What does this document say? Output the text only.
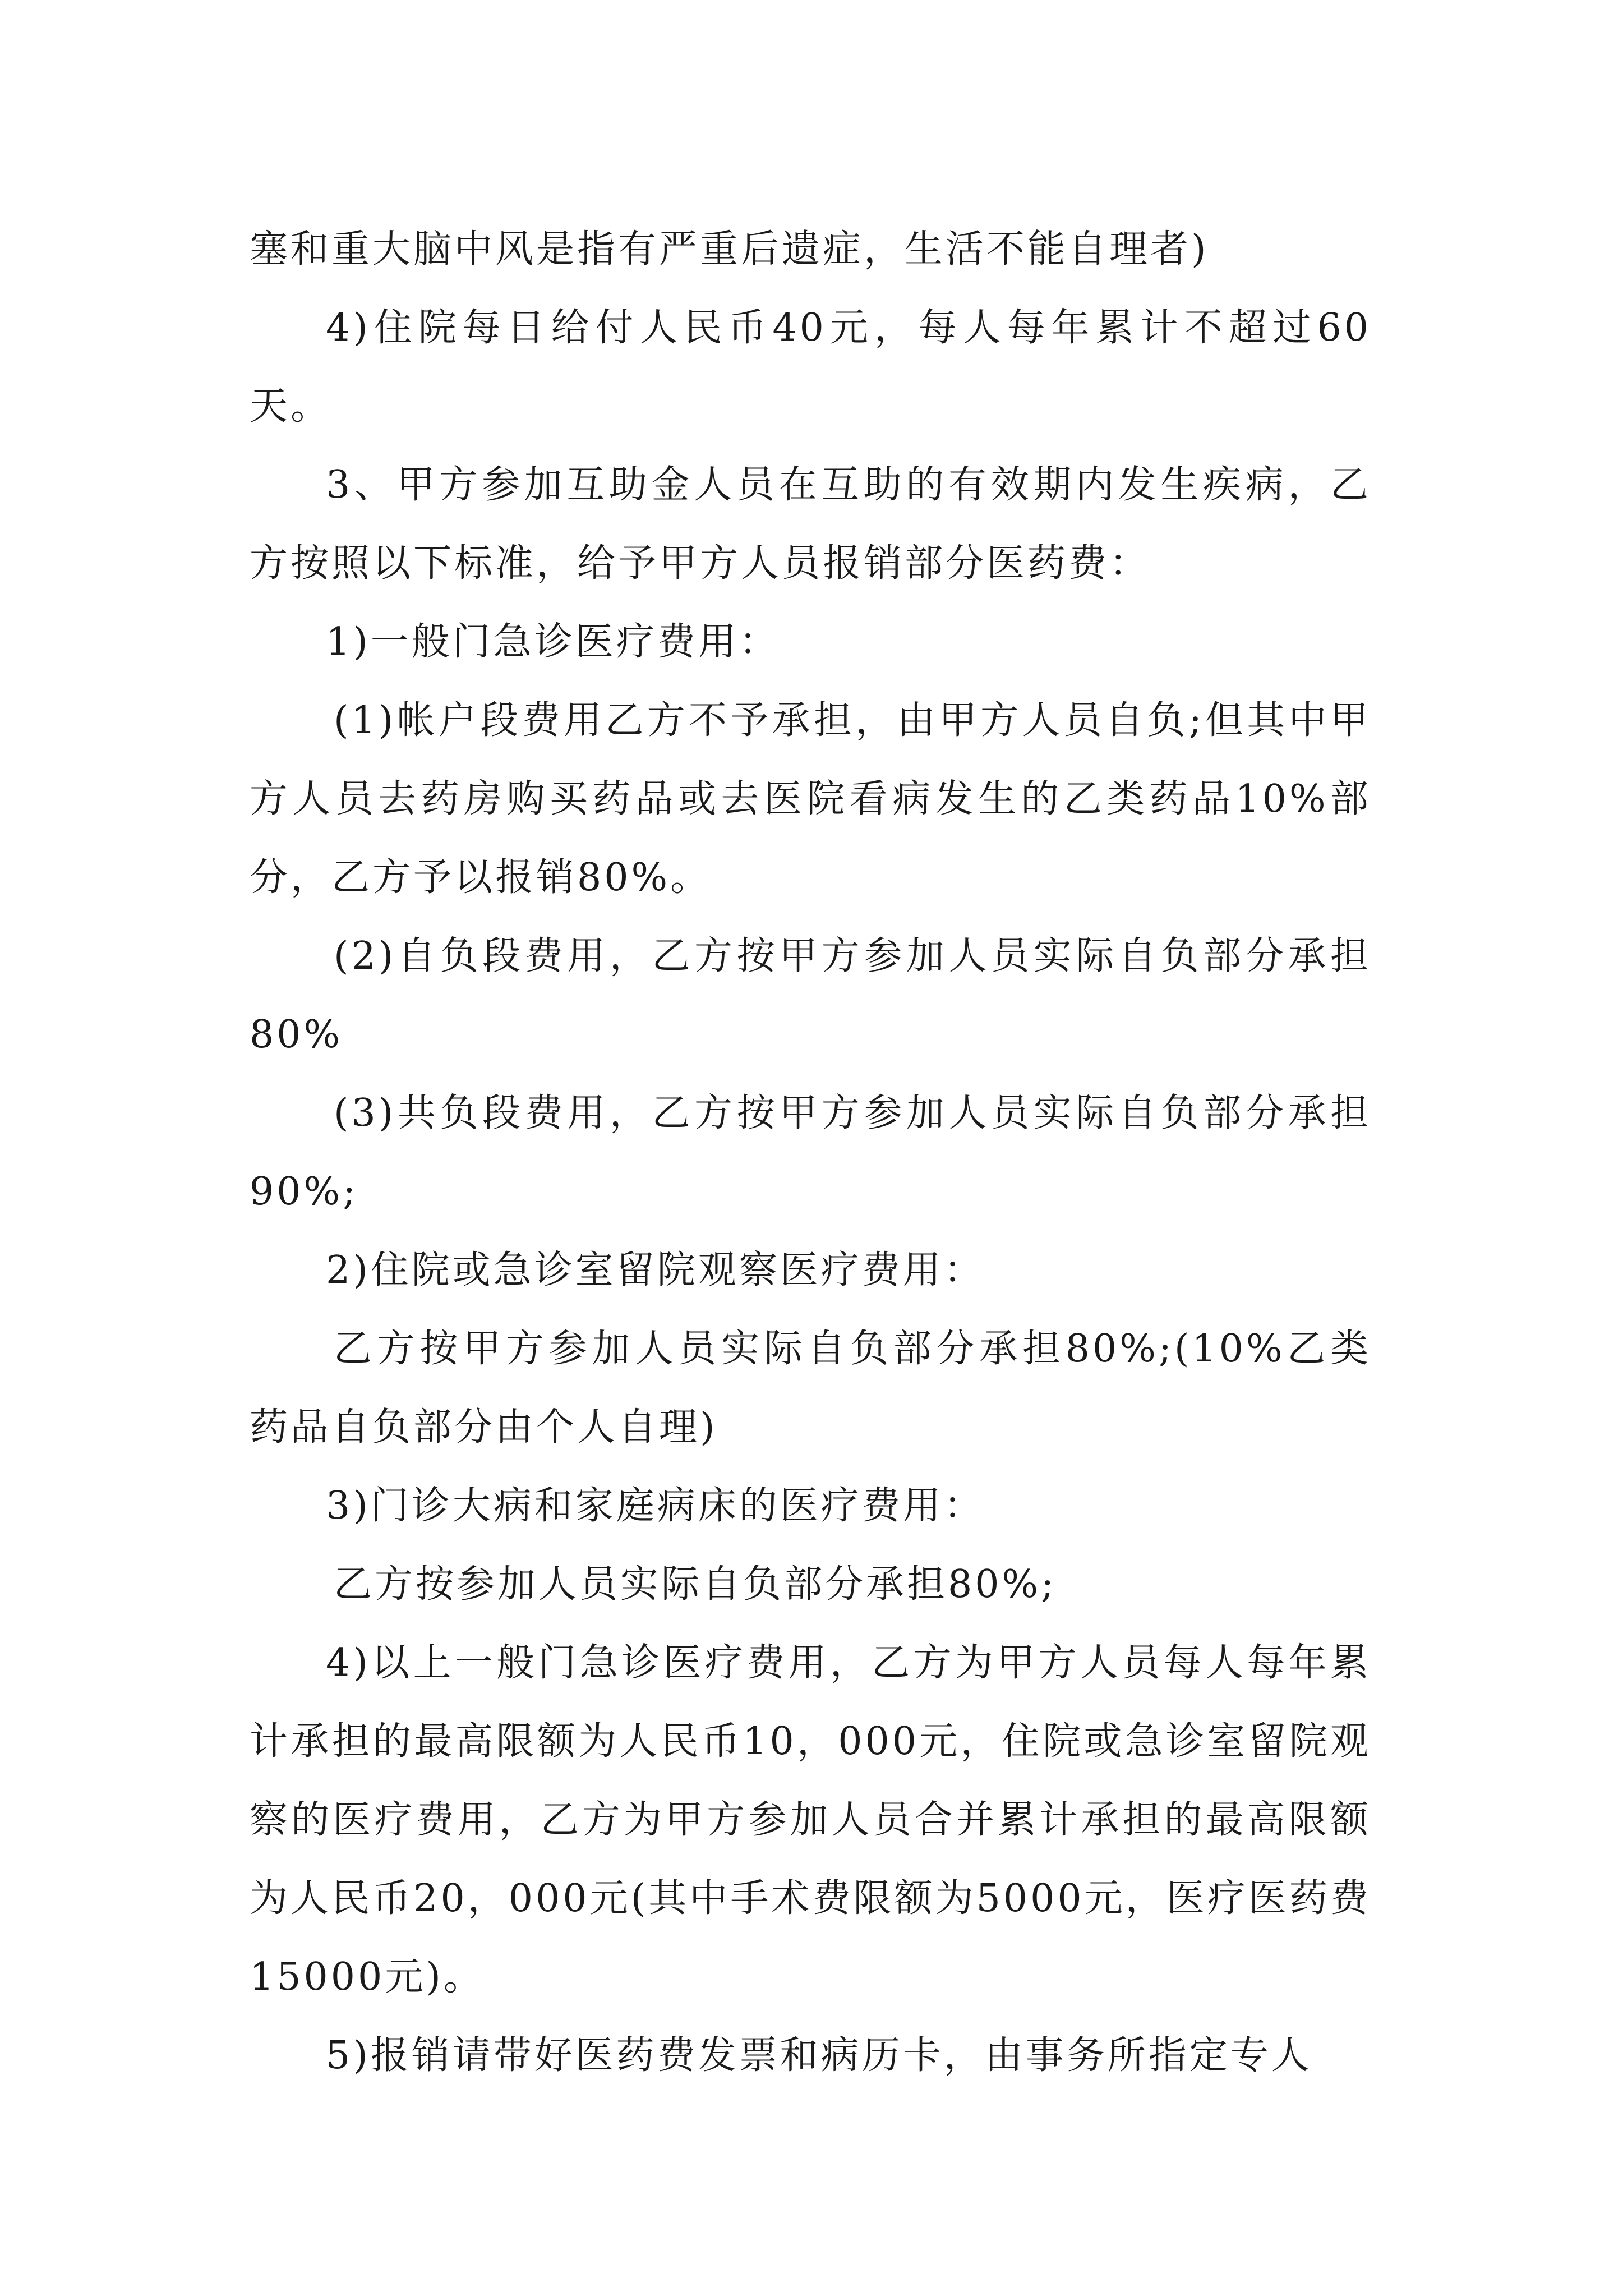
塞和重大脑中风是指有严重后遗症，生活不能自理者)

4)住院每日给付人民币40元，每人每年累计不超过60天。

3、甲方参加互助金人员在互助的有效期内发生疾病，乙方按照以下标准，给予甲方人员报销部分医药费：

1)一般门急诊医疗费用：

(1)帐户段费用乙方不予承担，由甲方人员自负;但其中甲方人员去药房购买药品或去医院看病发生的乙类药品10%部分，乙方予以报销80%。

(2)自负段费用，乙方按甲方参加人员实际自负部分承担80%

(3)共负段费用，乙方按甲方参加人员实际自负部分承担90%;

2)住院或急诊室留院观察医疗费用：

乙方按甲方参加人员实际自负部分承担80%;(10%乙类药品自负部分由个人自理)

3)门诊大病和家庭病床的医疗费用：

乙方按参加人员实际自负部分承担80%;

4)以上一般门急诊医疗费用，乙方为甲方人员每人每年累计承担的最高限额为人民币10，000元，住院或急诊室留院观察的医疗费用，乙方为甲方参加人员合并累计承担的最高限额为人民币20，000元(其中手术费限额为5000元，医疗医药费15000元)。

5)报销请带好医药费发票和病历卡，由事务所指定专人
